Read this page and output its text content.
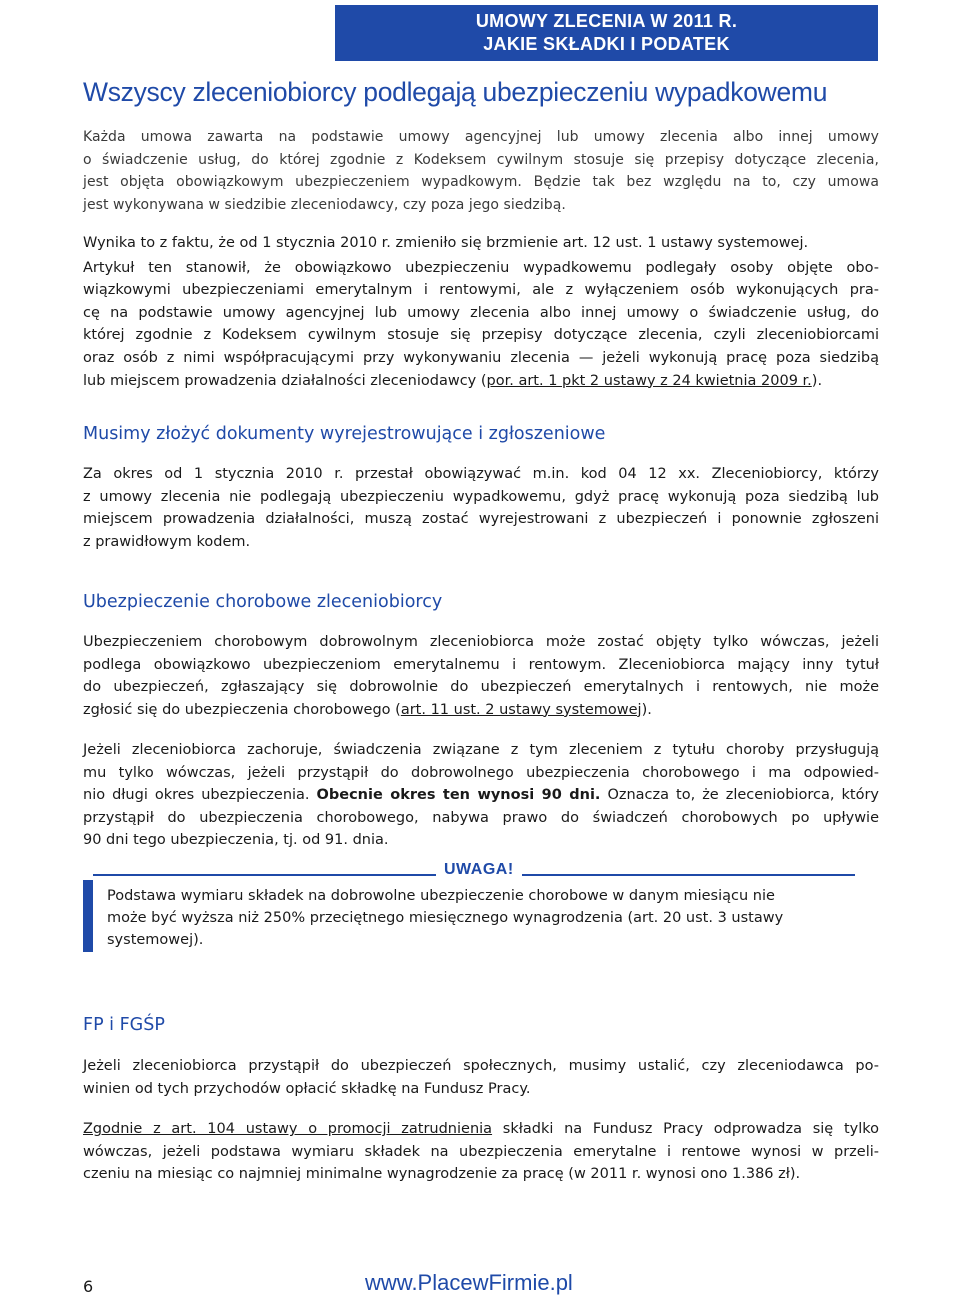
UMOWY ZLECENIA W 2011 R.
JAKIE SKŁADKI I PODATEK
Wszyscy zleceniobiorcy podlegają ubezpieczeniu wypadkowemu
Każda umowa zawarta na podstawie umowy agencyjnej lub umowy zlecenia albo innej umowy
o świadczenie usług, do której zgodnie z Kodeksem cywilnym stosuje się przepisy dotyczące zlecenia,
jest objęta obowiązkowym ubezpieczeniem wypadkowym. Będzie tak bez względu na to, czy umowa
jest wykonywana w siedzibie zleceniodawcy, czy poza jego siedzibą.
Wynika to z faktu, że od 1 stycznia 2010 r. zmieniło się brzmienie art. 12 ust. 1 ustawy systemowej.
Artykuł ten stanowił, że obowiązkowo ubezpieczeniu wypadkowemu podlegały osoby objęte obo-
wiązkowymi ubezpieczeniami emerytalnym i rentowymi, ale z wyłączeniem osób wykonujących pra-
cę na podstawie umowy agencyjnej lub umowy zlecenia albo innej umowy o świadczenie usług, do
której zgodnie z Kodeksem cywilnym stosuje się przepisy dotyczące zlecenia, czyli zleceniobiorcami
oraz osób z nimi współpracującymi przy wykonywaniu zlecenia — jeżeli wykonują pracę poza siedzibą
lub miejscem prowadzenia działalności zleceniodawcy (por. art. 1 pkt 2 ustawy z 24 kwietnia 2009 r.).
Musimy złożyć dokumenty wyrejestrowujące i zgłoszeniowe
Za okres od 1 stycznia 2010 r. przestał obowiązywać m.in. kod 04 12 xx. Zleceniobiorcy, którzy
z umowy zlecenia nie podlegają ubezpieczeniu wypadkowemu, gdyż pracę wykonują poza siedzibą lub
miejscem prowadzenia działalności, muszą zostać wyrejestrowani z ubezpieczeń i ponownie zgłoszeni
z prawidłowym kodem.
Ubezpieczenie chorobowe zleceniobiorcy
Ubezpieczeniem chorobowym dobrowolnym zleceniobiorca może zostać objęty tylko wówczas, jeżeli
podlega obowiązkowo ubezpieczeniom emerytalnemu i rentowym. Zleceniobiorca mający inny tytuł
do ubezpieczeń, zgłaszający się dobrowolnie do ubezpieczeń emerytalnych i rentowych, nie może
zgłosić się do ubezpieczenia chorobowego (art. 11 ust. 2 ustawy systemowej).
Jeżeli zleceniobiorca zachoruje, świadczenia związane z tym zleceniem z tytułu choroby przysługują
mu tylko wówczas, jeżeli przystąpił do dobrowolnego ubezpieczenia chorobowego i ma odpowied-
nio długi okres ubezpieczenia. Obecnie okres ten wynosi 90 dni. Oznacza to, że zleceniobiorca, który
przystąpił do ubezpieczenia chorobowego, nabywa prawo do świadczeń chorobowych po upływie
90 dni tego ubezpieczenia, tj. od 91. dnia.
UWAGA!
Podstawa wymiaru składek na dobrowolne ubezpieczenie chorobowe w danym miesiącu nie
może być wyższa niż 250% przeciętnego miesięcznego wynagrodzenia (art. 20 ust. 3 ustawy
systemowej).
FP i FGŚP
Jeżeli zleceniobiorca przystąpił do ubezpieczeń społecznych, musimy ustalić, czy zleceniodawca po-
winien od tych przychodów opłacić składkę na Fundusz Pracy.
Zgodnie z art. 104 ustawy o promocji zatrudnienia składki na Fundusz Pracy odprowadza się tylko
wówczas, jeżeli podstawa wymiaru składek na ubezpieczenia emerytalne i rentowe wynosi w przeli-
czeniu na miesiąc co najmniej minimalne wynagrodzenie za pracę (w 2011 r. wynosi ono 1.386 zł).
6	www.PlacewFirmie.pl
